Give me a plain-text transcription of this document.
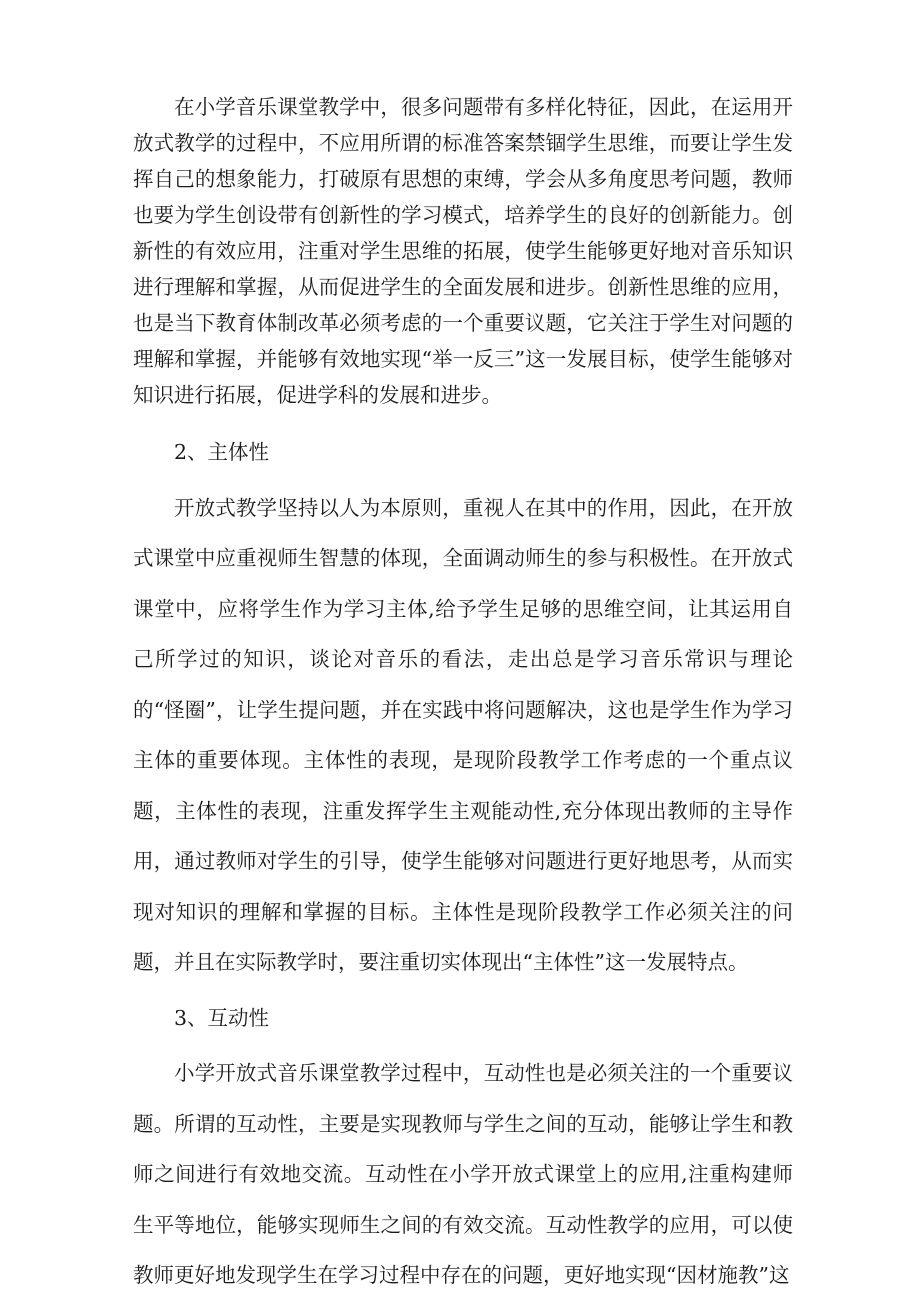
在小学音乐课堂教学中，很多问题带有多样化特征，因此，在运用开放式教学的过程中，不应用所谓的标准答案禁锢学生思维，而要让学生发挥自己的想象能力，打破原有思想的束缚，学会从多角度思考问题，教师也要为学生创设带有创新性的学习模式，培养学生的良好的创新能力。创新性的有效应用，注重对学生思维的拓展，使学生能够更好地对音乐知识进行理解和掌握，从而促进学生的全面发展和进步。创新性思维的应用，也是当下教育体制改革必须考虑的一个重要议题，它关注于学生对问题的理解和掌握，并能够有效地实现“举一反三”这一发展目标，使学生能够对知识进行拓展，促进学科的发展和进步。

2、主体性

开放式教学坚持以人为本原则，重视人在其中的作用，因此，在开放式课堂中应重视师生智慧的体现，全面调动师生的参与积极性。在开放式课堂中，应将学生作为学习主体,给予学生足够的思维空间，让其运用自己所学过的知识，谈论对音乐的看法，走出总是学习音乐常识与理论的“怪圈”，让学生提问题，并在实践中将问题解决，这也是学生作为学习主体的重要体现。主体性的表现，是现阶段教学工作考虑的一个重点议题，主体性的表现，注重发挥学生主观能动性,充分体现出教师的主导作用，通过教师对学生的引导，使学生能够对问题进行更好地思考，从而实现对知识的理解和掌握的目标。主体性是现阶段教学工作必须关注的问题，并且在实际教学时，要注重切实体现出“主体性”这一发展特点。

3、互动性

小学开放式音乐课堂教学过程中，互动性也是必须关注的一个重要议题。所谓的互动性，主要是实现教师与学生之间的互动，能够让学生和教师之间进行有效地交流。互动性在小学开放式课堂上的应用,注重构建师生平等地位，能够实现师生之间的有效交流。互动性教学的应用，可以使教师更好地发现学生在学习过程中存在的问题，更好地实现“因材施教”这
